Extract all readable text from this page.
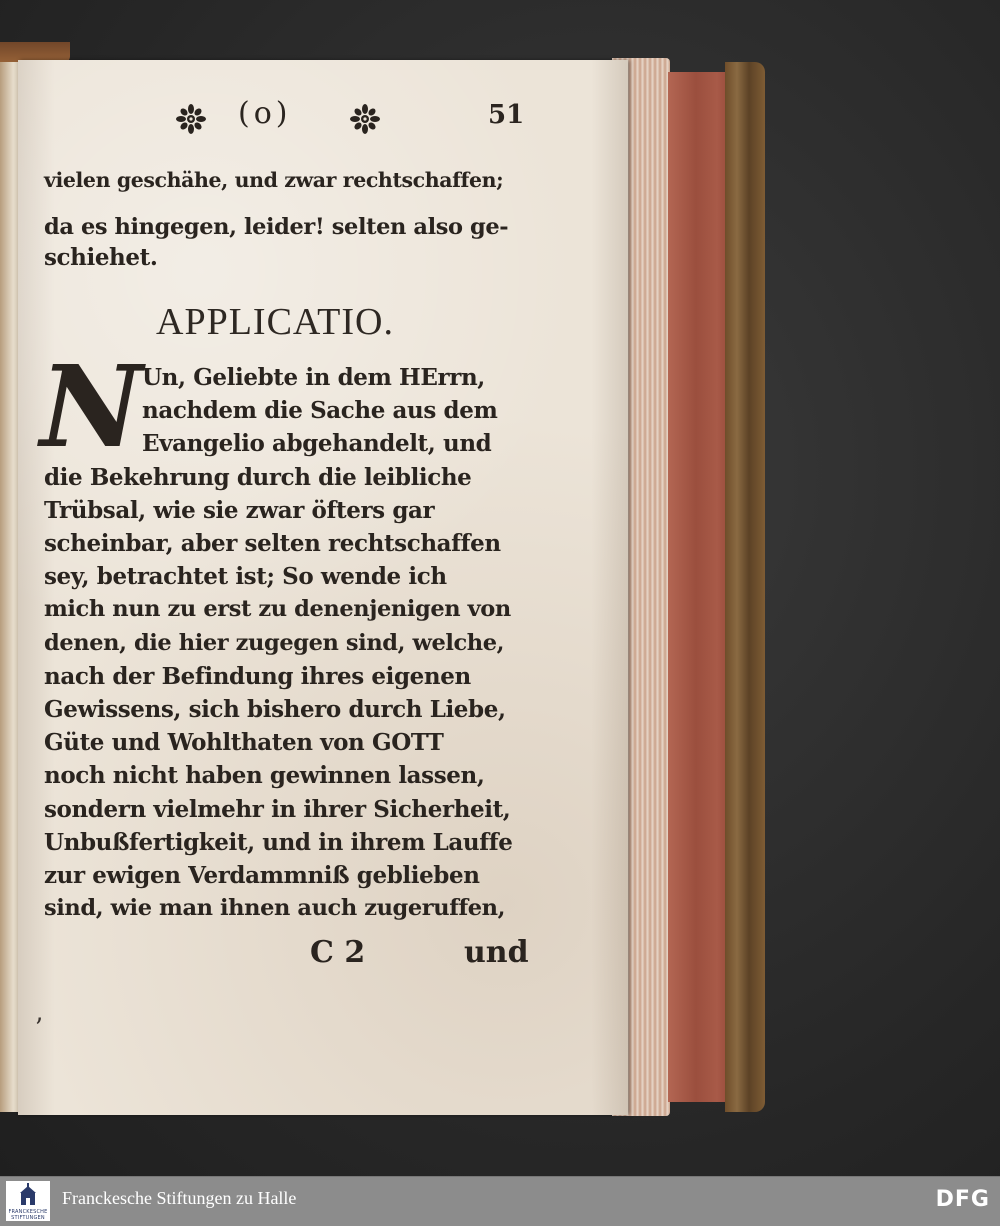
(o)	51
vielen geschähe, und zwar rechtschaffen;
da es hingegen, leider! selten also ge-
schiehet.
APPLICATIO.
N Un, Geliebte in dem HErrn,
nachdem die Sache aus dem
Evangelio abgehandelt, und
die Bekehrung durch die leibliche
Trübsal, wie sie zwar öfters gar
scheinbar, aber selten rechtschaffen
sey, betrachtet ist; So wende ich
mich nun zu erst zu denenjenigen von
denen, die hier zugegen sind, welche,
nach der Befindung ihres eigenen
Gewissens, sich bishero durch Liebe,
Güte und Wohlthaten von GOTT
noch nicht haben gewinnen lassen,
sondern vielmehr in ihrer Sicherheit,
Unbußfertigkeit, und in ihrem Lauffe
zur ewigen Verdammniß geblieben
sind, wie man ihnen auch zugeruffen,
C 2	und
ʼ
FRANCKESCHE STIFTUNGEN
Franckesche Stiftungen zu Halle	DFG
